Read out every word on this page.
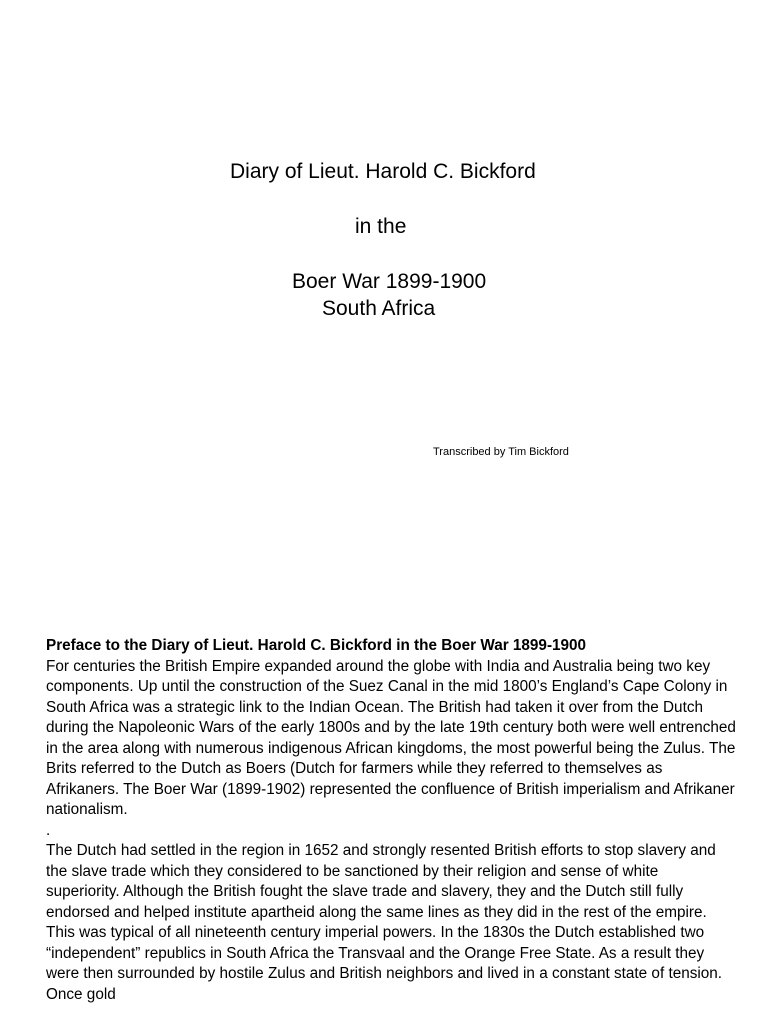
Diary of Lieut. Harold C. Bickford
in the
Boer War 1899-1900
South Africa
Transcribed by Tim Bickford

Preface to the Diary of Lieut. Harold C. Bickford in the Boer War 1899-1900

For centuries the British Empire expanded around the globe with India and Australia being two key components. Up until the construction of the Suez Canal in the mid 1800’s England’s Cape Colony in South Africa was a strategic link to the Indian Ocean. The British had taken it over from the Dutch during the Napoleonic Wars of the early 1800s and by the late 19th century both were well entrenched in the area along with numerous indigenous African kingdoms, the most powerful being the Zulus. The Brits referred to the Dutch as Boers (Dutch for farmers while they referred to themselves as Afrikaners. The Boer War (1899-1902) represented the confluence of British imperialism and Afrikaner nationalism.

.

The Dutch had settled in the region in 1652 and strongly resented British efforts to stop slavery and the slave trade which they considered to be sanctioned by their religion and sense of white superiority. Although the British fought the slave trade and slavery, they and the Dutch still fully endorsed and helped institute apartheid along the same lines as they did in the rest of the empire. This was typical of all nineteenth century imperial powers. In the 1830s the Dutch established two “independent” republics in South Africa the Transvaal and the Orange Free State. As a result they were then surrounded by hostile Zulus and British neighbors and lived in a constant state of tension. Once gold
